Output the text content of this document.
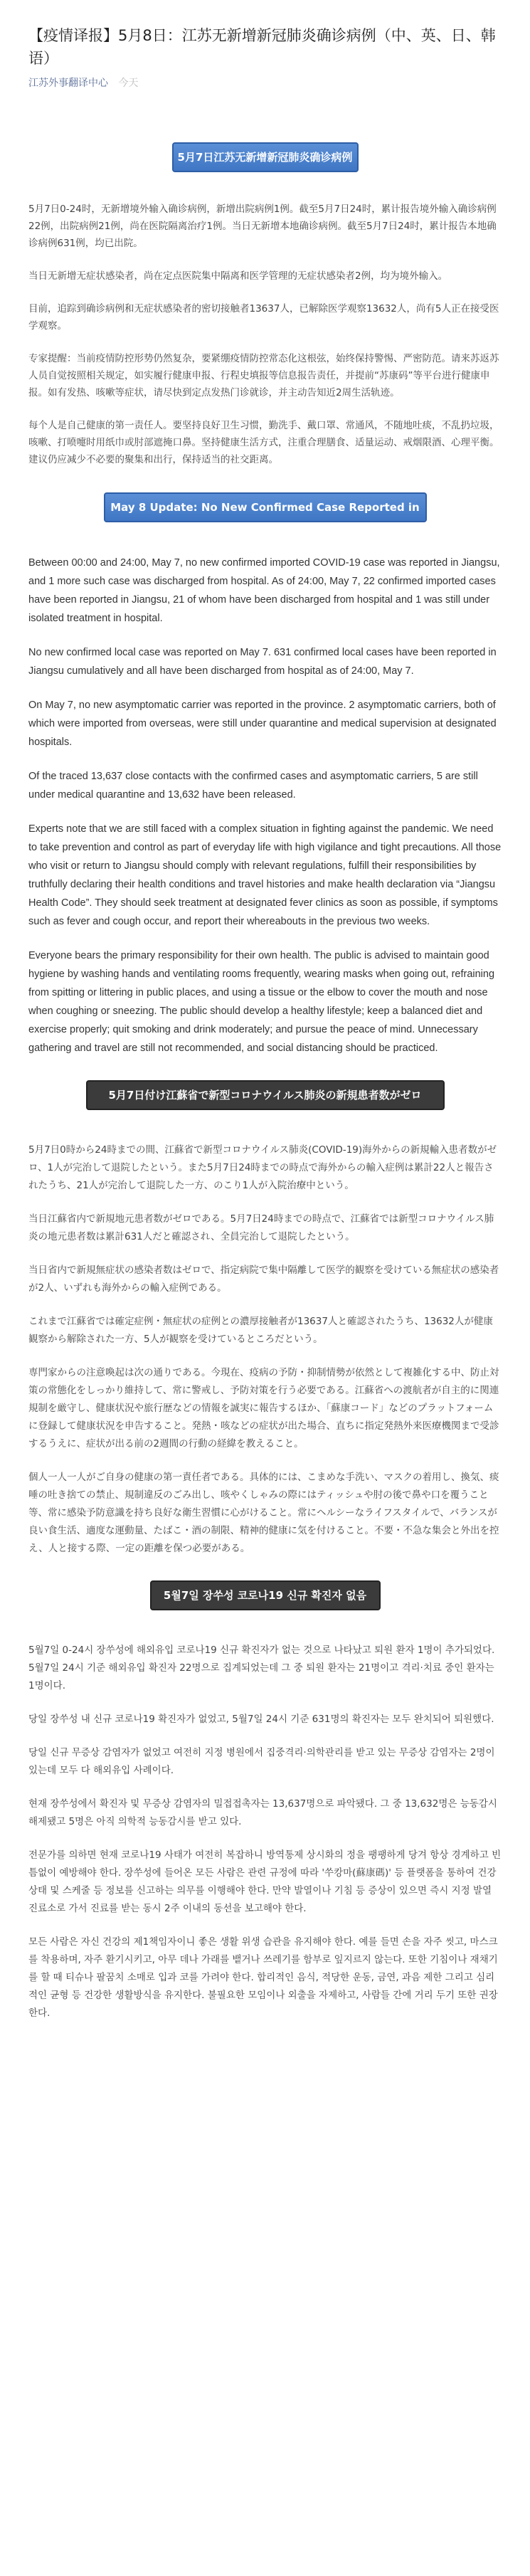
【疫情译报】5月8日：江苏无新增新冠肺炎确诊病例（中、英、日、韩语）
江苏外事翻译中心 今天
5月7日江苏无新增新冠肺炎确诊病例

5月7日0-24时，无新增境外输入确诊病例，新增出院病例1例。截至5月7日24时，累计报告境外输入确诊病例22例，出院病例21例，尚在医院隔离治疗1例。当日无新增本地确诊病例。截至5月7日24时，累计报告本地确诊病例631例，均已出院。

当日无新增无症状感染者，尚在定点医院集中隔离和医学管理的无症状感染者2例，均为境外输入。

目前，追踪到确诊病例和无症状感染者的密切接触者13637人，已解除医学观察13632人，尚有5人正在接受医学观察。

专家提醒：当前疫情防控形势仍然复杂，要紧绷疫情防控常态化这根弦，始终保持警惕、严密防范。请来苏返苏人员自觉按照相关规定，如实履行健康申报、行程史填报等信息报告责任，并提前“苏康码”等平台进行健康申报。如有发热、咳嗽等症状，请尽快到定点发热门诊就诊，并主动告知近2周生活轨迹。

每个人是自己健康的第一责任人。要坚持良好卫生习惯，勤洗手、戴口罩、常通风，不随地吐痰，不乱扔垃圾，咳嗽、打喷嚏时用纸巾或肘部遮掩口鼻。坚持健康生活方式，注重合理膳食、适量运动、戒烟限酒、心理平衡。建议仍应减少不必要的聚集和出行，保持适当的社交距离。

May 8 Update: No New Confirmed Case Reported in Jiangsu

Between 00:00 and 24:00, May 7, no new confirmed imported COVID-19 case was reported in Jiangsu, and 1 more such case was discharged from hospital. As of 24:00, May 7, 22 confirmed imported cases have been reported in Jiangsu, 21 of whom have been discharged from hospital and 1 was still under isolated treatment in hospital.

No new confirmed local case was reported on May 7. 631 confirmed local cases have been reported in Jiangsu cumulatively and all have been discharged from hospital as of 24:00, May 7.

On May 7, no new asymptomatic carrier was reported in the province. 2 asymptomatic carriers, both of which were imported from overseas, were still under quarantine and medical supervision at designated hospitals.

Of the traced 13,637 close contacts with the confirmed cases and asymptomatic carriers, 5 are still under medical quarantine and 13,632 have been released.

Experts note that we are still faced with a complex situation in fighting against the pandemic. We need to take prevention and control as part of everyday life with high vigilance and tight precautions. All those who visit or return to Jiangsu should comply with relevant regulations, fulfill their responsibilities by truthfully declaring their health conditions and travel histories and make health declaration via “Jiangsu Health Code”. They should seek treatment at designated fever clinics as soon as possible, if symptoms such as fever and cough occur, and report their whereabouts in the previous two weeks.

Everyone bears the primary responsibility for their own health. The public is advised to maintain good hygiene by washing hands and ventilating rooms frequently, wearing masks when going out, refraining from spitting or littering in public places, and using a tissue or the elbow to cover the mouth and nose when coughing or sneezing. The public should develop a healthy lifestyle; keep a balanced diet and exercise properly; quit smoking and drink moderately; and pursue the peace of mind. Unnecessary gathering and travel are still not recommended, and social distancing should be practiced.

5月7日付け江蘇省で新型コロナウイルス肺炎の新規患者数がゼロ

5月7日0時から24時までの間、江蘇省で新型コロナウイルス肺炎(COVID-19)海外からの新規輸入患者数がゼロ、1人が完治して退院したという。また5月7日24時までの時点で海外からの輸入症例は累計22人と報告されたうち、21人が完治して退院した一方、のこり1人が入院治療中という。

当日江蘇省内で新規地元患者数がゼロである。5月7日24時までの時点で、江蘇省では新型コロナウイルス肺炎の地元患者数は累計631人だと確認され、全員完治して退院したという。

当日省内で新規無症状の感染者数はゼロで、指定病院で集中隔離して医学的観察を受けている無症状の感染者が2人、いずれも海外からの輸入症例である。

これまで江蘇省では確定症例・無症状の症例との濃厚接触者が13637人と確認されたうち、13632人が健康観察から解除された一方、5人が観察を受けているところだという。

専門家からの注意喚起は次の通りである。今現在、疫病の予防・抑制情勢が依然として複雑化する中、防止対策の常態化をしっかり維持して、常に警戒し、予防対策を行う必要である。江蘇省への渡航者が自主的に関連規制を厳守し、健康状況や旅行歴などの情報を誠実に報告するほか、「蘇康コード」などのプラットフォームに登録して健康状況を申告すること。発熱・咳などの症状が出た場合、直ちに指定発熱外来医療機関まで受診するうえに、症状が出る前の2週間の行動の経緯を教えること。

個人一人一人がご自身の健康の第一責任者である。具体的には、こまめな手洗い、マスクの着用し、換気、痰唾の吐き捨ての禁止、規制違反のごみ出し、咳やくしゃみの際にはティッシュや肘の後で鼻や口を覆うこと等、常に感染予防意識を持ち良好な衛生習慣に心がけること。常にヘルシーなライフスタイルで、バランスが良い食生活、適度な運動量、たばこ・酒の制限、精神的健康に気を付けること。不要・不急な集会と外出を控え、人と接する際、一定の距離を保つ必要がある。

5월7일 장쑤성 코로나19 신규 확진자 없음

5월7일 0-24시 장쑤성에 해외유입 코로나19 신규 확진자가 없는 것으로 나타났고 퇴원 환자 1명이 추가되었다. 5월7일 24시 기준 해외유입 확진자 22명으로 집계되었는데 그 중 퇴원 환자는 21명이고 격리·치료 중인 환자는 1명이다.

당일 장쑤성 내 신규 코로나19 확진자가 없었고, 5월7일 24시 기준 631명의 확진자는 모두 완치되어 퇴원했다.

당일 신규 무증상 감염자가 없었고 여전히 지정 병원에서 집중격리·의학관리를 받고 있는 무증상 감염자는 2명이 있는데 모두 다 해외유입 사례이다.

현재 장쑤성에서 확진자 및 무증상 감염자의 밀접접촉자는 13,637명으로 파악됐다. 그 중 13,632명은 능동감시 해제됐고 5명은 아직 의학적 능동감시를 받고 있다.

전문가를 의하면 현재 코로나19 사태가 여전히 복잡하니 방역통제 상시화의 정을 팽팽하게 당겨 항상 경계하고 빈틈없이 예방해야 한다. 장쑤성에 들어온 모든 사람은 관련 규정에 따라 '쑤캉마(蘇康碼)' 등 플랫폼을 통하여 건강상태 및 스케줄 등 정보를 신고하는 의무를 이행해야 한다. 만약 발열이나 기침 등 증상이 있으면 즉시 지정 발열 진료소로 가서 진료를 받는 동시 2주 이내의 동선을 보고해야 한다.

모든 사람은 자신 건강의 제1책임자이니 좋은 생활 위생 습관을 유지해야 한다. 예를 들면 손을 자주 씻고, 마스크를 착용하며, 자주 환기시키고, 아무 데나 가래를 뱉거나 쓰레기를 함부로 잎지르지 않는다. 또한 기침이나 재채기를 할 때 티슈나 팔꿈치 소매로 입과 코를 가려야 한다. 합리적인 음식, 적당한 운동, 금연, 과음 제한 그리고 심리적인 균형 등 건강한 생활방식을 유지한다. 불필요한 모임이나 외출을 자제하고, 사람들 간에 거리 두기 또한 권장한다.
